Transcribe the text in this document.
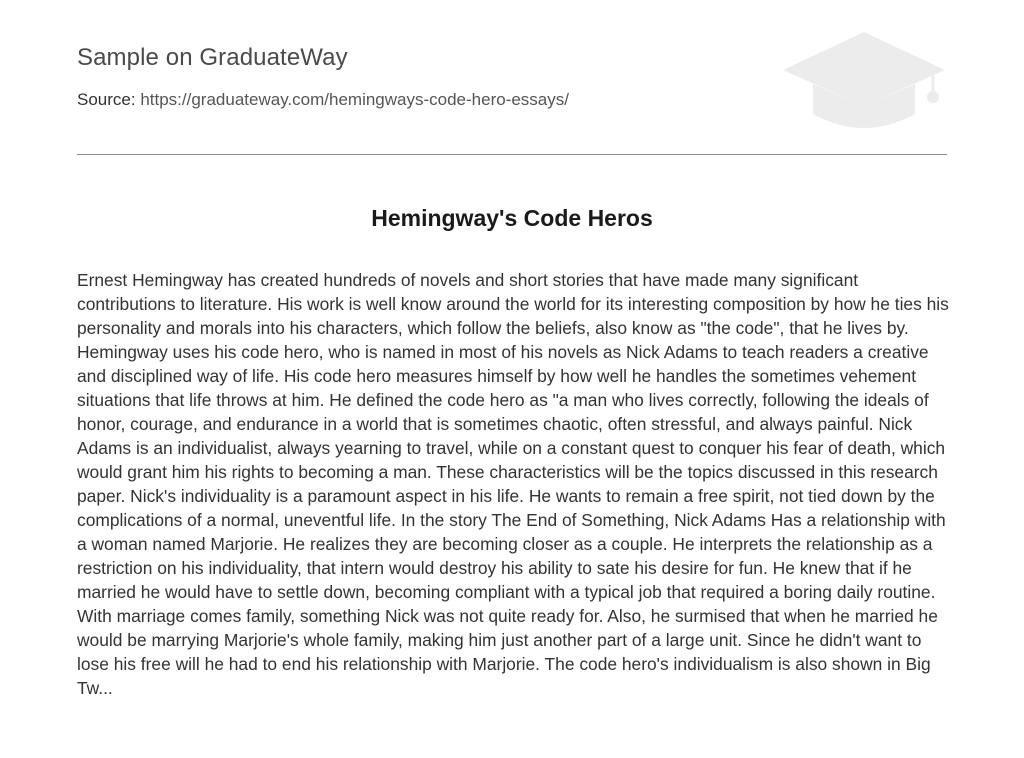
Sample on GraduateWay
Source: https://graduateway.com/hemingways-code-hero-essays/
Hemingway's Code Heros

Ernest Hemingway has created hundreds of novels and short stories that have made many significant contributions to literature. His work is well know around the world for its interesting composition by how he ties his personality and morals into his characters, which follow the beliefs, also know as "the code", that he lives by. Hemingway uses his code hero, who is named in most of his novels as Nick Adams to teach readers a creative and disciplined way of life. His code hero measures himself by how well he handles the sometimes vehement situations that life throws at him. He defined the code hero as "a man who lives correctly, following the ideals of honor, courage, and endurance in a world that is sometimes chaotic, often stressful, and always painful. Nick Adams is an individualist, always yearning to travel, while on a constant quest to conquer his fear of death, which would grant him his rights to becoming a man. These characteristics will be the topics discussed in this research paper. Nick's individuality is a paramount aspect in his life. He wants to remain a free spirit, not tied down by the complications of a normal, uneventful life. In the story The End of Something, Nick Adams Has a relationship with a woman named Marjorie. He realizes they are becoming closer as a couple. He interprets the relationship as a restriction on his individuality, that intern would destroy his ability to sate his desire for fun. He knew that if he married he would have to settle down, becoming compliant with a typical job that required a boring daily routine. With marriage comes family, something Nick was not quite ready for. Also, he surmised that when he married he would be marrying Marjorie's whole family, making him just another part of a large unit. Since he didn't want to lose his free will he had to end his relationship with Marjorie. The code hero's individualism is also shown in Big Tw...
